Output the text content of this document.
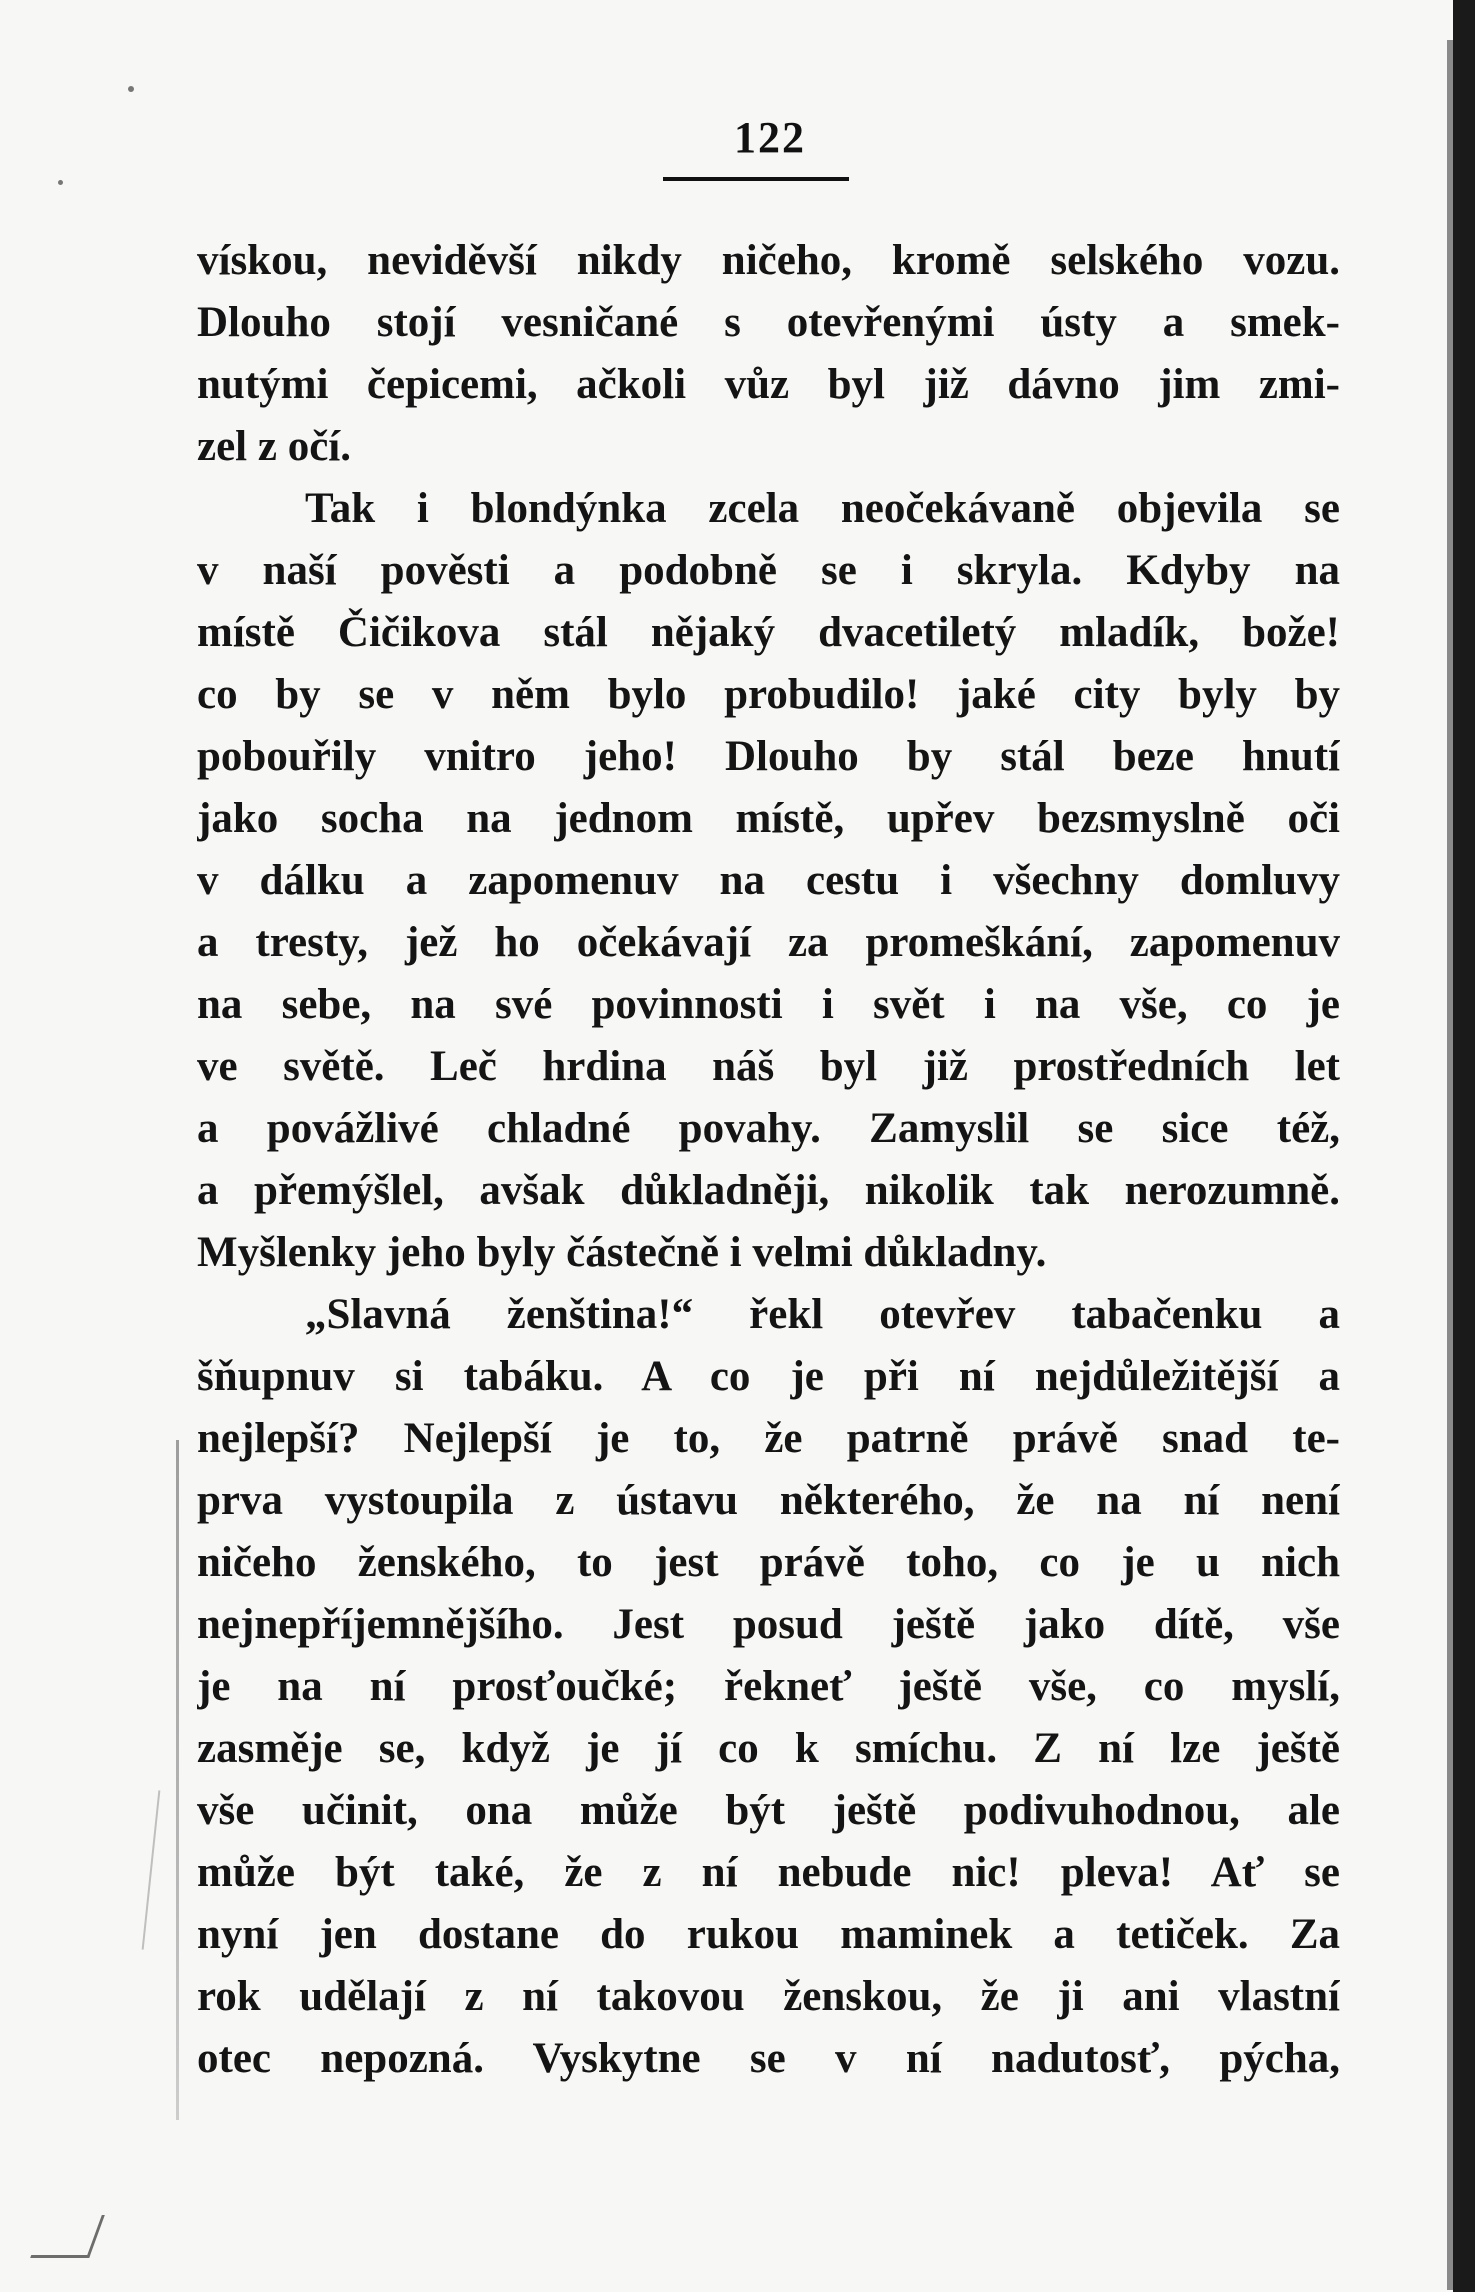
122
vískou, neviděvší nikdy ničeho, kromě selského vozu.
Dlouho stojí vesničané s otevřenými ústy a smek-
nutými čepicemi, ačkoli vůz byl již dávno jim zmi-
zel z očí.
Tak i blondýnka zcela neočekávaně objevila se
v naší pověsti a podobně se i skryla. Kdyby na
místě Čičikova stál nějaký dvacetiletý mladík, bože!
co by se v něm bylo probudilo! jaké city byly by
pobouřily vnitro jeho! Dlouho by stál beze hnutí
jako socha na jednom místě, upřev bezsmyslně oči
v dálku a zapomenuv na cestu i všechny domluvy
a tresty, jež ho očekávají za promeškání, zapomenuv
na sebe, na své povinnosti i svět i na vše, co je
ve světě. Leč hrdina náš byl již prostředních let
a povážlivé chladné povahy. Zamyslil se sice též,
a přemýšlel, avšak důkladněji, nikolik tak nerozumně.
Myšlenky jeho byly částečně i velmi důkladny.
„Slavná ženština!“ řekl otevřev tabačenku a
šňupnuv si tabáku. A co je při ní nejdůležitější a
nejlepší? Nejlepší je to, že patrně právě snad te-
prva vystoupila z ústavu některého, že na ní není
ničeho ženského, to jest právě toho, co je u nich
nejnepříjemnějšího. Jest posud ještě jako dítě, vše
je na ní prosťoučké; řekneť ještě vše, co myslí,
zasměje se, když je jí co k smíchu. Z ní lze ještě
vše učinit, ona může být ještě podivuhodnou, ale
může být také, že z ní nebude nic! pleva! Ať se
nyní jen dostane do rukou maminek a tetiček. Za
rok udělají z ní takovou ženskou, že ji ani vlastní
otec nepozná. Vyskytne se v ní nadutosť, pýcha,
